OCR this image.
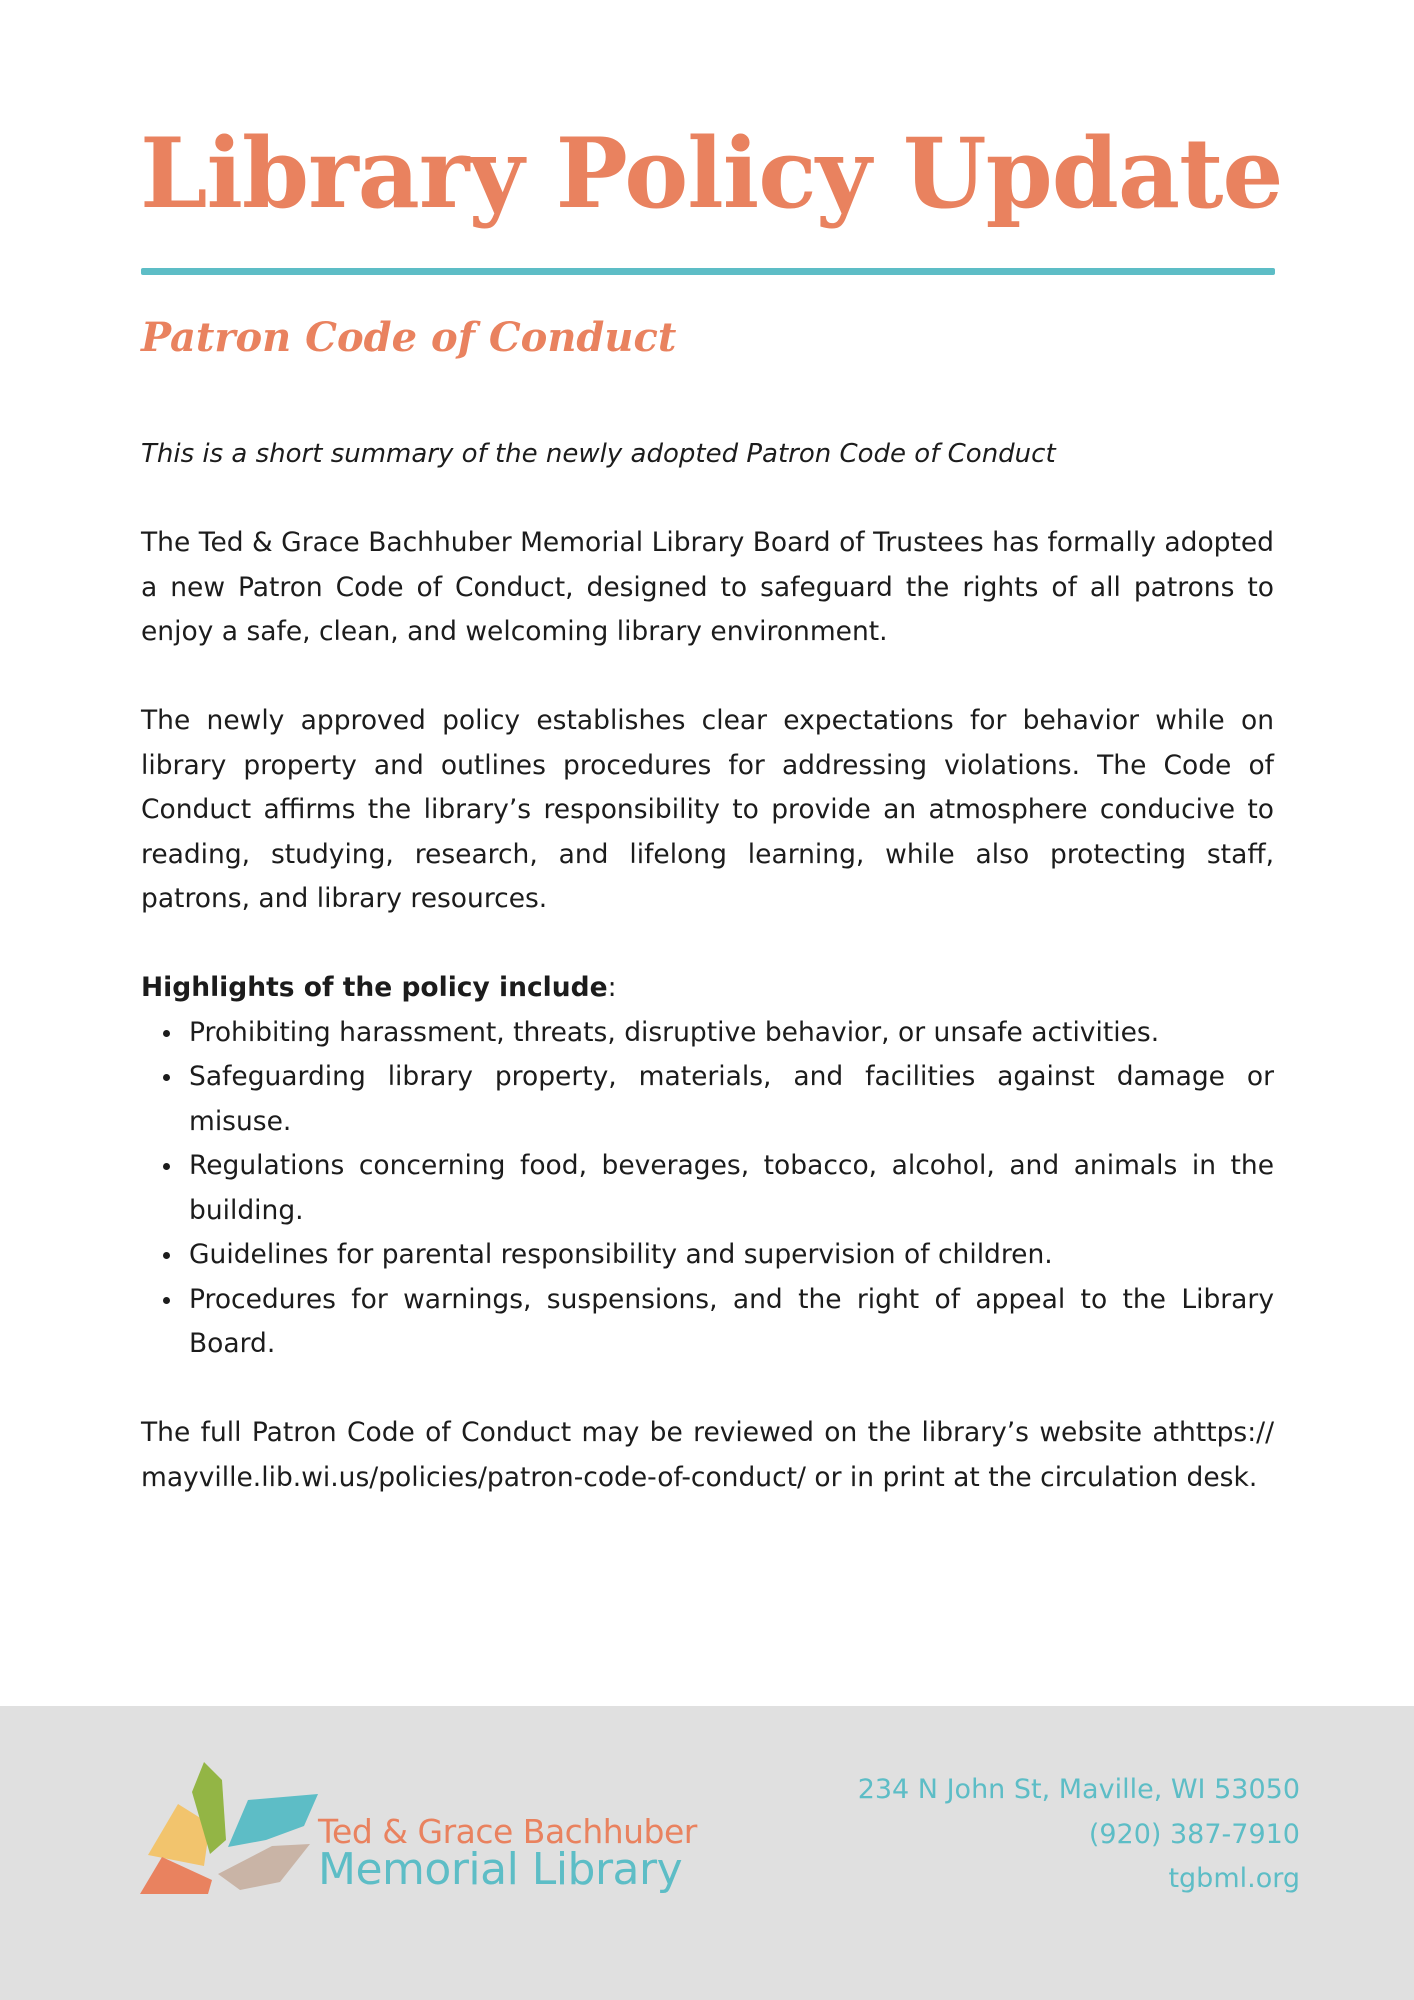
Library Policy Update
Patron Code of Conduct

This is a short summary of the newly adopted Patron Code of Conduct

The Ted & Grace Bachhuber Memorial Library Board of Trustees has formally adopted a new Patron Code of Conduct, designed to safeguard the rights of all patrons to enjoy a safe, clean, and welcoming library environment.

The newly approved policy establishes clear expectations for behavior while on library property and outlines procedures for addressing violations. The Code of Conduct affirms the library’s responsibility to provide an atmosphere conducive to reading, studying, research, and lifelong learning, while also protecting staff, patrons, and library resources.

Highlights of the policy include:

Prohibiting harassment, threats, disruptive behavior, or unsafe activities.
Safeguarding library property, materials, and facilities against damage or misuse.
Regulations concerning food, beverages, tobacco, alcohol, and animals in the building.
Guidelines for parental responsibility and supervision of children.
Procedures for warnings, suspensions, and the right of appeal to the Library Board.

The full Patron Code of Conduct may be reviewed on the library’s website athttps://mayville.lib.wi.us/policies/patron-code-of-conduct/ or in print at the circulation desk.

Ted & Grace Bachhuber
Memorial Library
234 N John St, Maville, WI 53050
(920) 387-7910
tgbml.org
